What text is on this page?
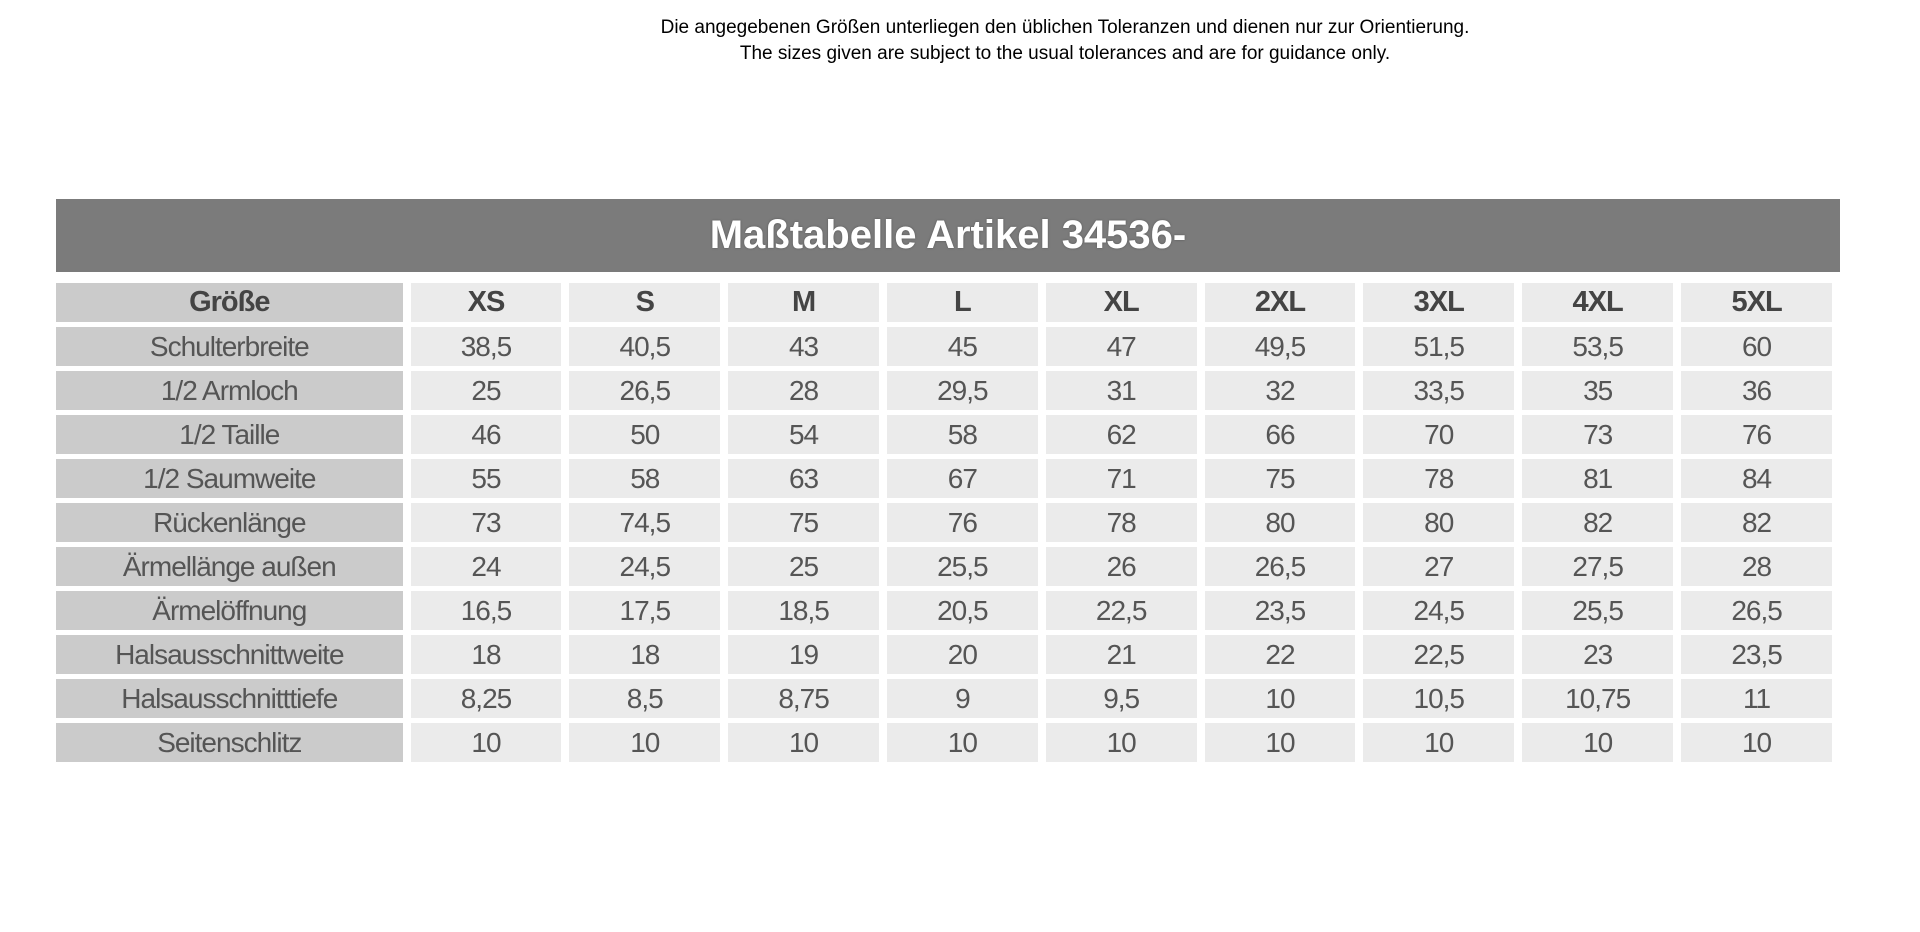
Die angegebenen Größen unterliegen den üblichen Toleranzen und dienen nur zur Orientierung.
The sizes given are subject to the usual tolerances and are for guidance only.
Maßtabelle Artikel 34536-
Größe	XS	S	M	L	XL	2XL	3XL	4XL	5XL
Schulterbreite	38,5	40,5	43	45	47	49,5	51,5	53,5	60
1/2 Armloch	25	26,5	28	29,5	31	32	33,5	35	36
1/2 Taille	46	50	54	58	62	66	70	73	76
1/2 Saumweite	55	58	63	67	71	75	78	81	84
Rückenlänge	73	74,5	75	76	78	80	80	82	82
Ärmellänge außen	24	24,5	25	25,5	26	26,5	27	27,5	28
Ärmelöffnung	16,5	17,5	18,5	20,5	22,5	23,5	24,5	25,5	26,5
Halsausschnittweite	18	18	19	20	21	22	22,5	23	23,5
Halsausschnitttiefe	8,25	8,5	8,75	9	9,5	10	10,5	10,75	11
Seitenschlitz	10	10	10	10	10	10	10	10	10
